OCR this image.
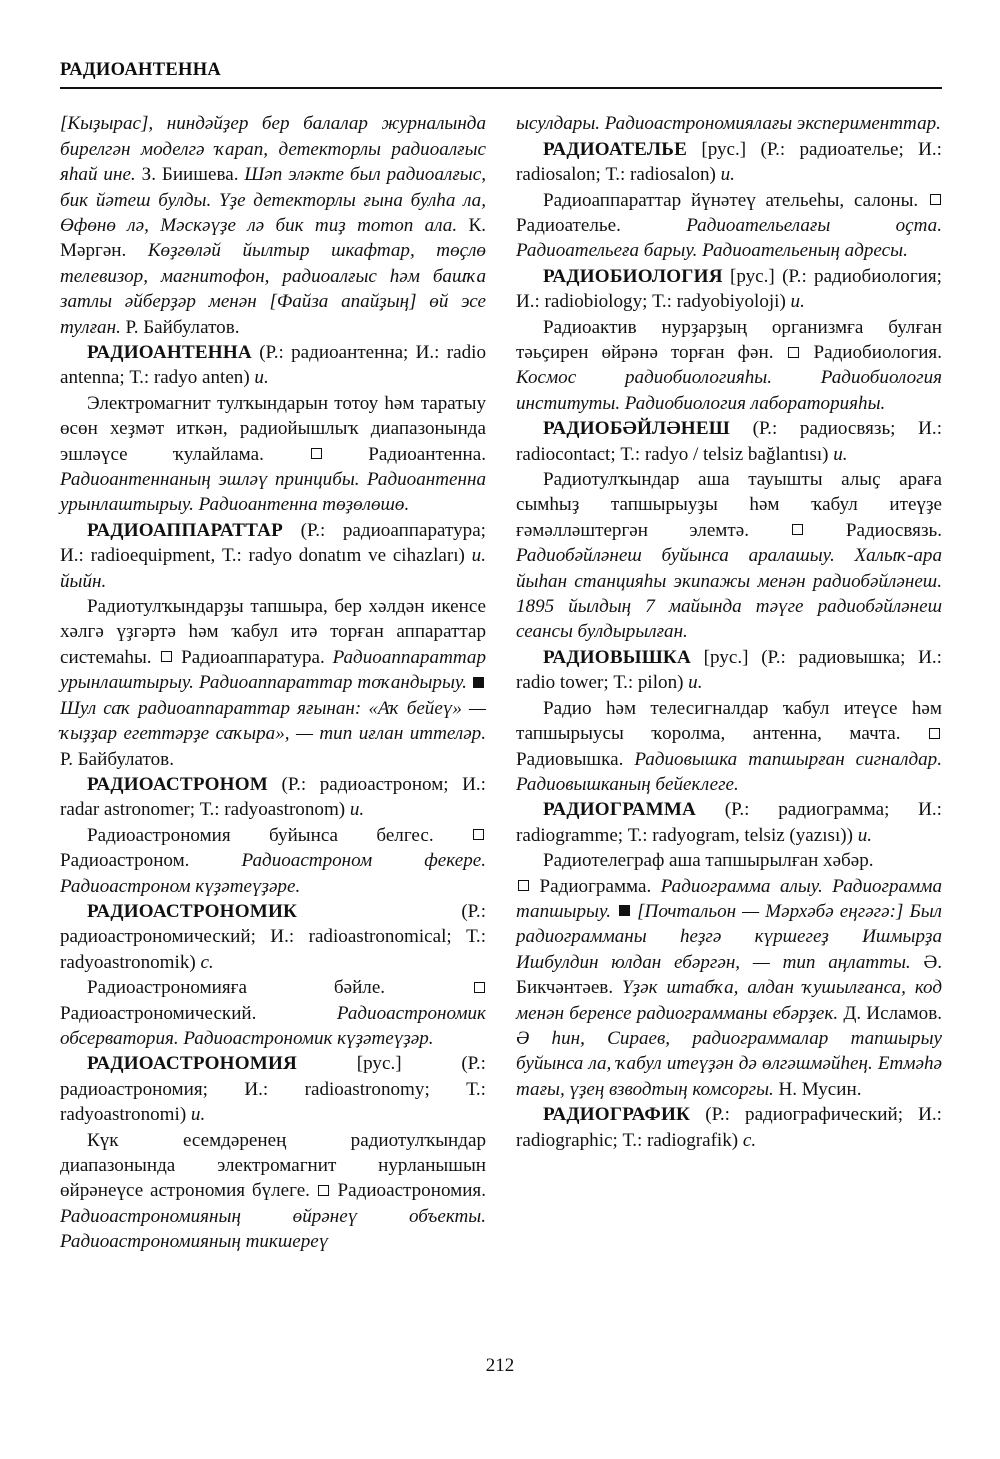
РАДИОАНТЕННА

[Кыҙырас], ниндәйҙер бер балалар журналында бирелгән моделгә ҡарап, детекторлы радиоалғыс яһай ине. З. Биишева. Шәп эләкте был радиоалғыс, бик йәтеш булды. Үҙе детекторлы ғына булһа ла, Өфөнө лә, Мәскәүҙе лә бик тиҙ тотоп ала. К. Мәргән. Көҙгөләй йылтыр шкафтар, төҫлө телевизор, магнитофон, радиоалғыс һәм башҡа затлы әйберҙәр менән [Файза апайҙың] өй эсе тулған. Р. Байбулатов.

РАДИОАНТЕННА (Р.: радиоантенна; И.: radio antenna; Т.: radyo anten) и.

Электромагнит тулҡындарын тотоу һәм таратыу өсөн хеҙмәт иткән, радиойышлыҡ диапазонында эшләүсе ҡулайлама.	Радиоантенна. Радиоантеннаның эшләү принцибы. Радиоантенна урынлаштырыу. Радиоантенна төҙөлөшө.

РАДИОАППАРАТТАР (Р.: радиоаппаратура; И.: radioequipment, Т.: radyo donatım ve cihazları) и. йыйн.

Радиотулҡындарҙы тапшыра, бер хәлдән икенсе хәлгә үҙгәртә һәм ҡабул итә торған аппараттар системаһы. Радиоаппаратура. Радиоаппараттар урынлаштырыу. Радиоаппараттар тоҡандырыу.  Шул саҡ радиоаппараттар яғынан: «Аҡ бейеү» — ҡыҙҙар егеттәрҙе саҡыра», — тип иғлан иттеләр. Р. Байбулатов.

РАДИОАСТРОНОМ (Р.: радиоастроном; И.: radar astronomer; Т.: radyoastronom) и.

Радиоастрономия буйынса белгес.  Радиоастроном.	Радиоастроном фекере. Радиоастроном күҙәтеүҙәре.

РАДИОАСТРОНОМИК	(Р.: радиоастрономический; И.: radioastronomical; Т.: radyoastronomik) с.

Радиоастрономияға бәйле.  Радиоастрономический.	Радиоастрономик обсерватория. Радиоастрономик күҙәтеүҙәр.

РАДИОАСТРОНОМИЯ	[рус.]	(Р.: радиоастрономия; И.: radioastronomy; Т.: radyoastronomi) и.

Күк есемдәренең радиотулҡындар диапазонында электромагнит нурланышын өйрәнеүсе астрономия бүлеге. Радиоастрономия. Радиоастрономияның өйрәнеү объекты. Радиоастрономияның тикшереү

ысулдары. Радиоастрономиялағы эксперименттар.

РАДИОАТЕЛЬЕ [рус.] (Р.: радиоателье; И.: radiosalon; Т.: radiosalon) и.

Радиоаппараттар йүнәтеү ательеһы, салоны.  Радиоателье.	Радиоательелағы оҫта. Радиоательеға барыу. Радиоательеның адресы.

РАДИОБИОЛОГИЯ [рус.] (Р.: радиобиология; И.: radiobiology; Т.: radyobiyoloji) и.

Радиоактив нурҙарҙың организмға булған тәьҫирен өйрәнә торған фән. Радиобиология. Космос радиобиологияһы. Радиобиология институты. Радиобиология лабораторияһы.

РАДИОБӘЙЛӘНЕШ (Р.: радиосвязь; И.: radiocontact; Т.: radyo / telsiz bağlantısı) и.

Радиотулҡындар аша тауышты алыҫ араға сымһыҙ тапшырыуҙы һәм ҡабул итеүҙе ғәмәлләштергән элемтә.	Радиосвязь. Радиобәйләнеш буйынса аралашыу. Халыҡ-ара йыһан станцияһы экипажы менән радиобәйләнеш. 1895 йылдың 7 майында тәүге радиобәйләнеш сеансы булдырылған.

РАДИОВЫШКА [рус.] (Р.: радиовышка; И.: radio tower; Т.: pilon) и.

Радио һәм телесигналдар ҡабул итеүсе һәм тапшырыусы ҡоролма, антенна, мачта.  Радиовышка. Радиовышка тапшырған сигналдар. Радиовышканың бейеклеге.

РАДИОГРАММА (Р.: радиограмма; И.: radiogramme; Т.: radyogram, telsiz (yazısı)) и.

Радиотелеграф аша тапшырылған хәбәр.

Радиограмма. Радиограмма алыу. Радиограмма тапшырыу. [Почтальон — Мәрхәбә еңгәгә:] Был радиограмманы һеҙгә күршегеҙ Ишмырҙа Ишбулдин юлдан ебәргән, — тип аңлатты. Ә. Бикчәнтәев. Үҙәк штабҡа, алдан ҡушылғанса, код менән беренсе радиограмманы ебәрҙек. Д. Исламов. Ә һин, Сираев, радиограммалар тапшырыу буйынса ла, ҡабул итеүҙән дә өлгәшмәйһең. Етмәһә тағы, үҙең взводтың комсоргы. Н. Мусин.

РАДИОГРАФИК (Р.: радиографический; И.: radiographic; Т.: radiografik) с.

212
